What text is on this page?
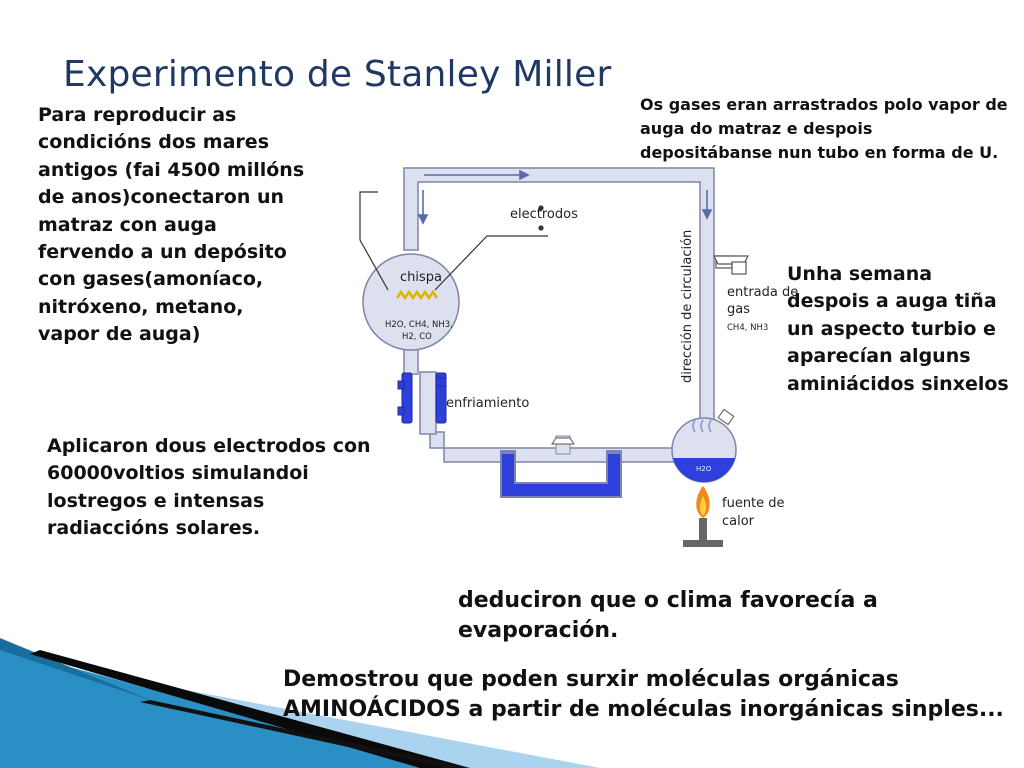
electrodos
chispa
H2O, CH4, NH3,
H2, CO
enfriamiento
dirección de circulación entrada de
gas
CH4, NH3
H2O
fuente de
calor
Experimento de Stanley Miller
Para reproducir as condicións dos mares antigos (fai 4500 millóns de anos)conectaron un matraz con auga fervendo a un depósito con gases(amoníaco, nitróxeno, metano, vapor de auga)
Os gases eran arrastrados polo vapor de auga do matraz e despois depositábanse nun tubo en forma de U.
Unha semana despois a auga tiña un aspecto turbio e aparecían alguns aminiácidos sinxelos
Aplicaron dous electrodos con 60000voltios simulandoi lostregos e intensas radiaccións solares.
deduciron que o clima favorecía a evaporación.
Demostrou que poden surxir moléculas orgánicas AMINOÁCIDOS a partir de moléculas inorgánicas sinples...
